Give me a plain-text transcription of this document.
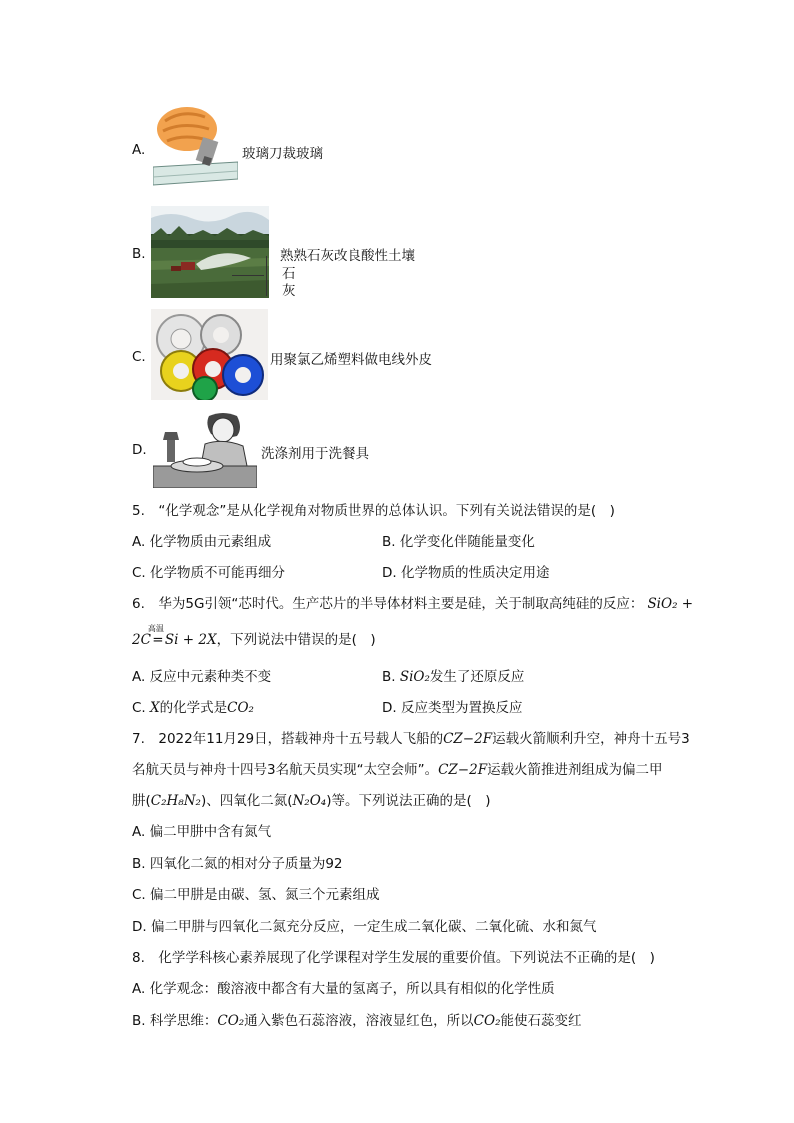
A.	玻璃刀裁玻璃
B.	熟熟石灰改良酸性土壤
石
灰
C.	用聚氯乙烯塑料做电线外皮
D.	洗涤剂用于洗餐具
5.　“化学观念”是从化学视角对物质世界的总体认识。下列有关说法错误的是(　)
A. 化学物质由元素组成	B. 化学变化伴随能量变化
C. 化学物质不可能再细分	D. 化学物质的性质决定用途
6.　华为5G引领“芯时代。生产芯片的半导体材料主要是硅，关于制取高纯硅的反应： SiO₂ +
2C
高温
=Si + 2X，下列说法中错误的是(　)
A. 反应中元素种类不变	B. SiO₂发生了还原反应
C. X的化学式是CO₂	D. 反应类型为置换反应
7.　2022年11月29日，搭载神舟十五号载人飞船的CZ−2F运载火箭顺利升空，神舟十五号3
名航天员与神舟十四号3名航天员实现“太空会师”。CZ−2F运载火箭推进剂组成为偏二甲
肼(C₂H₈N₂)、四氧化二氮(N₂O₄)等。下列说法正确的是(　)
A. 偏二甲肼中含有氮气
B. 四氧化二氮的相对分子质量为92
C. 偏二甲肼是由碳、氢、氮三个元素组成
D. 偏二甲肼与四氧化二氮充分反应，一定生成二氧化碳、二氧化硫、水和氮气
8.　化学学科核心素养展现了化学课程对学生发展的重要价值。下列说法不正确的是(　)
A. 化学观念：酸溶液中都含有大量的氢离子，所以具有相似的化学性质
B. 科学思维：CO₂通入紫色石蕊溶液，溶液显红色，所以CO₂能使石蕊变红
